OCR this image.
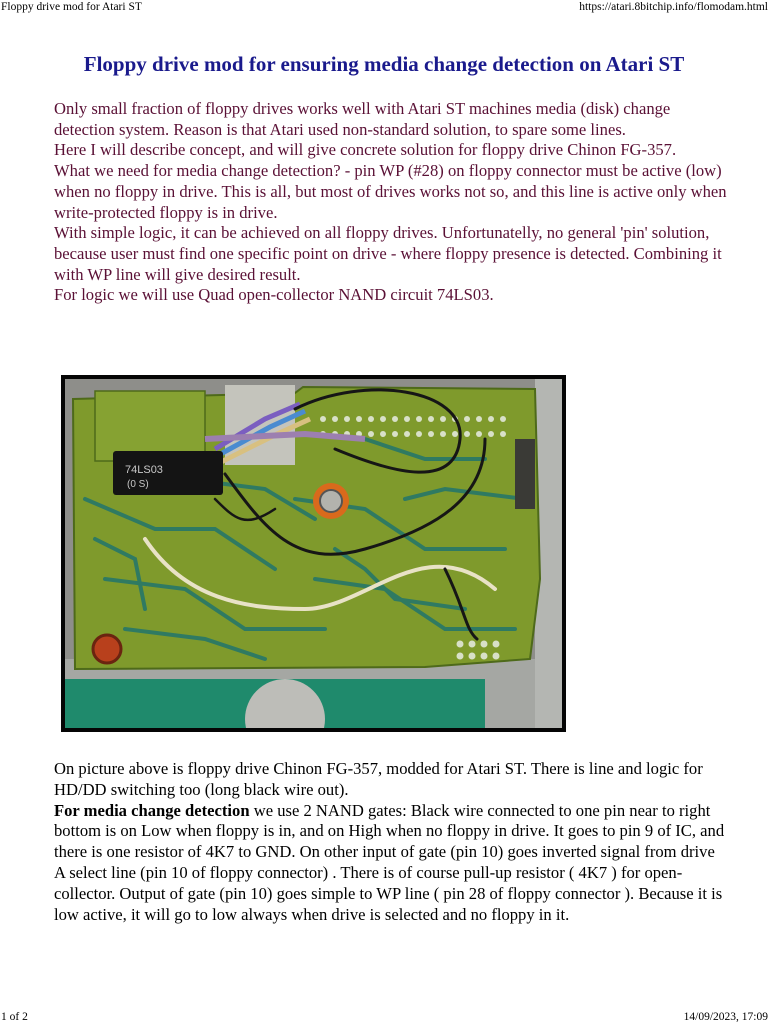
Floppy drive mod for Atari ST	https://atari.8bitchip.info/flomodam.html
Floppy drive mod for ensuring media change detection on Atari ST

Only small fraction of floppy drives works well with Atari ST machines media (disk) change detection system. Reason is that Atari used non-standard solution, to spare some lines.

Here I will describe concept, and will give concrete solution for floppy drive Chinon FG-357.

What we need for media change detection? - pin WP (#28) on floppy connector must be active (low) when no floppy in drive. This is all, but most of drives works not so, and this line is active only when write-protected floppy is in drive.

With simple logic, it can be achieved on all floppy drives. Unfortunatelly, no general 'pin' solution, because user must find one specific point on drive - where floppy presence is detected. Combining it with WP line will give desired result.

For logic we will use Quad open-collector NAND circuit 74LS03.

74LS03
(0 S)

On picture above is floppy drive Chinon FG-357, modded for Atari ST. There is line and logic for HD/DD switching too (long black wire out).

For media change detection we use 2 NAND gates: Black wire connected to one pin near to right bottom is on Low when floppy is in, and on High when no floppy in drive. It goes to pin 9 of IC, and there is one resistor of 4K7 to GND. On other input of gate (pin 10) goes inverted signal from drive A select line (pin 10 of floppy connector) . There is of course pull-up resistor ( 4K7 ) for open-collector. Output of gate (pin 10) goes simple to WP line ( pin 28 of floppy connector ). Because it is low active, it will go to low always when drive is selected and no floppy in it.

1 of 2	14/09/2023, 17:09
